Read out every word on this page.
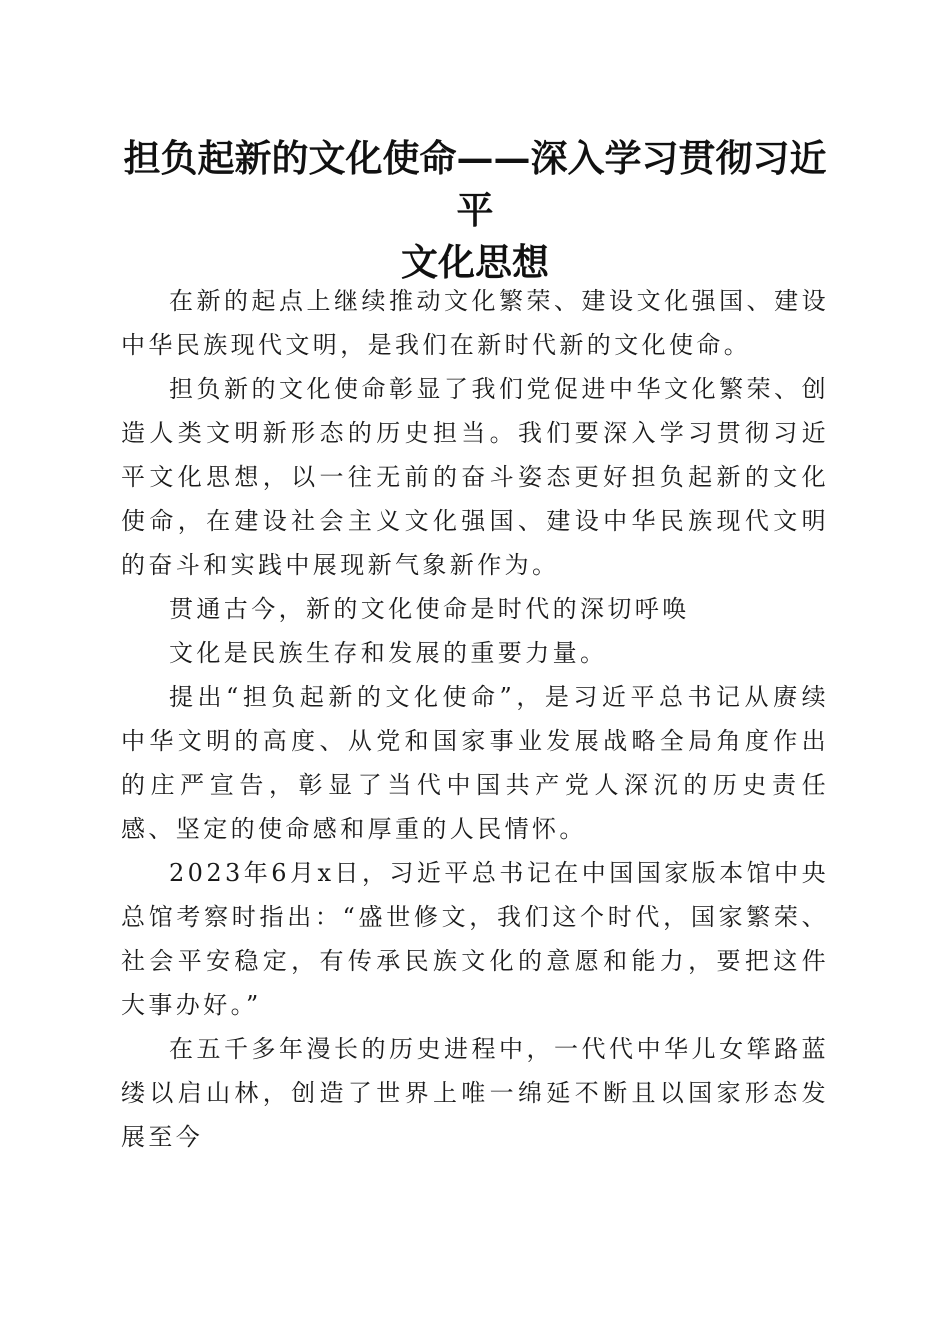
担负起新的文化使命——深入学习贯彻习近平
文化思想

在新的起点上继续推动文化繁荣、建设文化强国、建设中华民族现代文明，是我们在新时代新的文化使命。

担负新的文化使命彰显了我们党促进中华文化繁荣、创造人类文明新形态的历史担当。我们要深入学习贯彻习近平文化思想，以一往无前的奋斗姿态更好担负起新的文化使命，在建设社会主义文化强国、建设中华民族现代文明的奋斗和实践中展现新气象新作为。

贯通古今，新的文化使命是时代的深切呼唤

文化是民族生存和发展的重要力量。

提出“担负起新的文化使命”，是习近平总书记从赓续中华文明的高度、从党和国家事业发展战略全局角度作出的庄严宣告，彰显了当代中国共产党人深沉的历史责任感、坚定的使命感和厚重的人民情怀。

2023年6月x日，习近平总书记在中国国家版本馆中央总馆考察时指出：“盛世修文，我们这个时代，国家繁荣、社会平安稳定，有传承民族文化的意愿和能力，要把这件大事办好。”

在五千多年漫长的历史进程中，一代代中华儿女筚路蓝缕以启山林，创造了世界上唯一绵延不断且以国家形态发展至今
